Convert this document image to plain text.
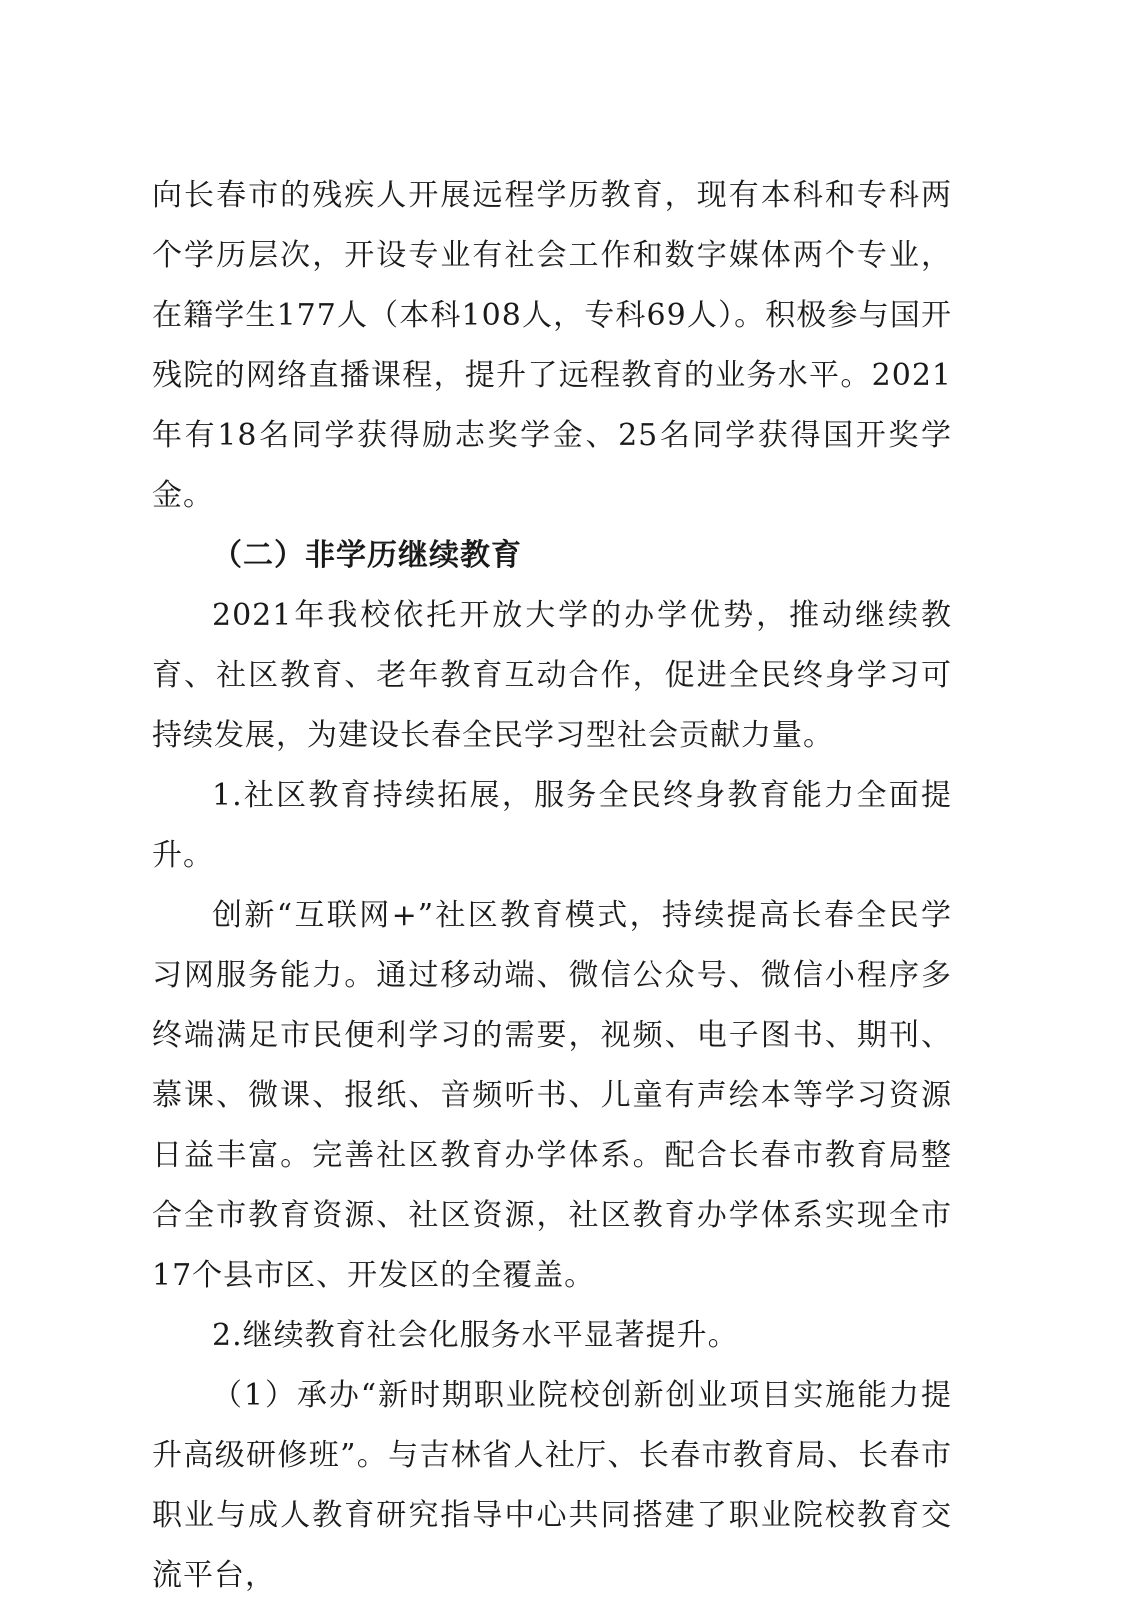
向长春市的残疾人开展远程学历教育，现有本科和专科两个学历层次，开设专业有社会工作和数字媒体两个专业，在籍学生177人（本科108人，专科69人）。积极参与国开残院的网络直播课程，提升了远程教育的业务水平。2021年有18名同学获得励志奖学金、25名同学获得国开奖学金。

（二）非学历继续教育

2021年我校依托开放大学的办学优势，推动继续教育、社区教育、老年教育互动合作，促进全民终身学习可持续发展，为建设长春全民学习型社会贡献力量。

1.社区教育持续拓展，服务全民终身教育能力全面提升。

创新“互联网+”社区教育模式，持续提高长春全民学习网服务能力。通过移动端、微信公众号、微信小程序多终端满足市民便利学习的需要，视频、电子图书、期刊、慕课、微课、报纸、音频听书、儿童有声绘本等学习资源日益丰富。完善社区教育办学体系。配合长春市教育局整合全市教育资源、社区资源，社区教育办学体系实现全市17个县市区、开发区的全覆盖。

2.继续教育社会化服务水平显著提升。

（1）承办“新时期职业院校创新创业项目实施能力提升高级研修班”。与吉林省人社厅、长春市教育局、长春市职业与成人教育研究指导中心共同搭建了职业院校教育交流平台，
